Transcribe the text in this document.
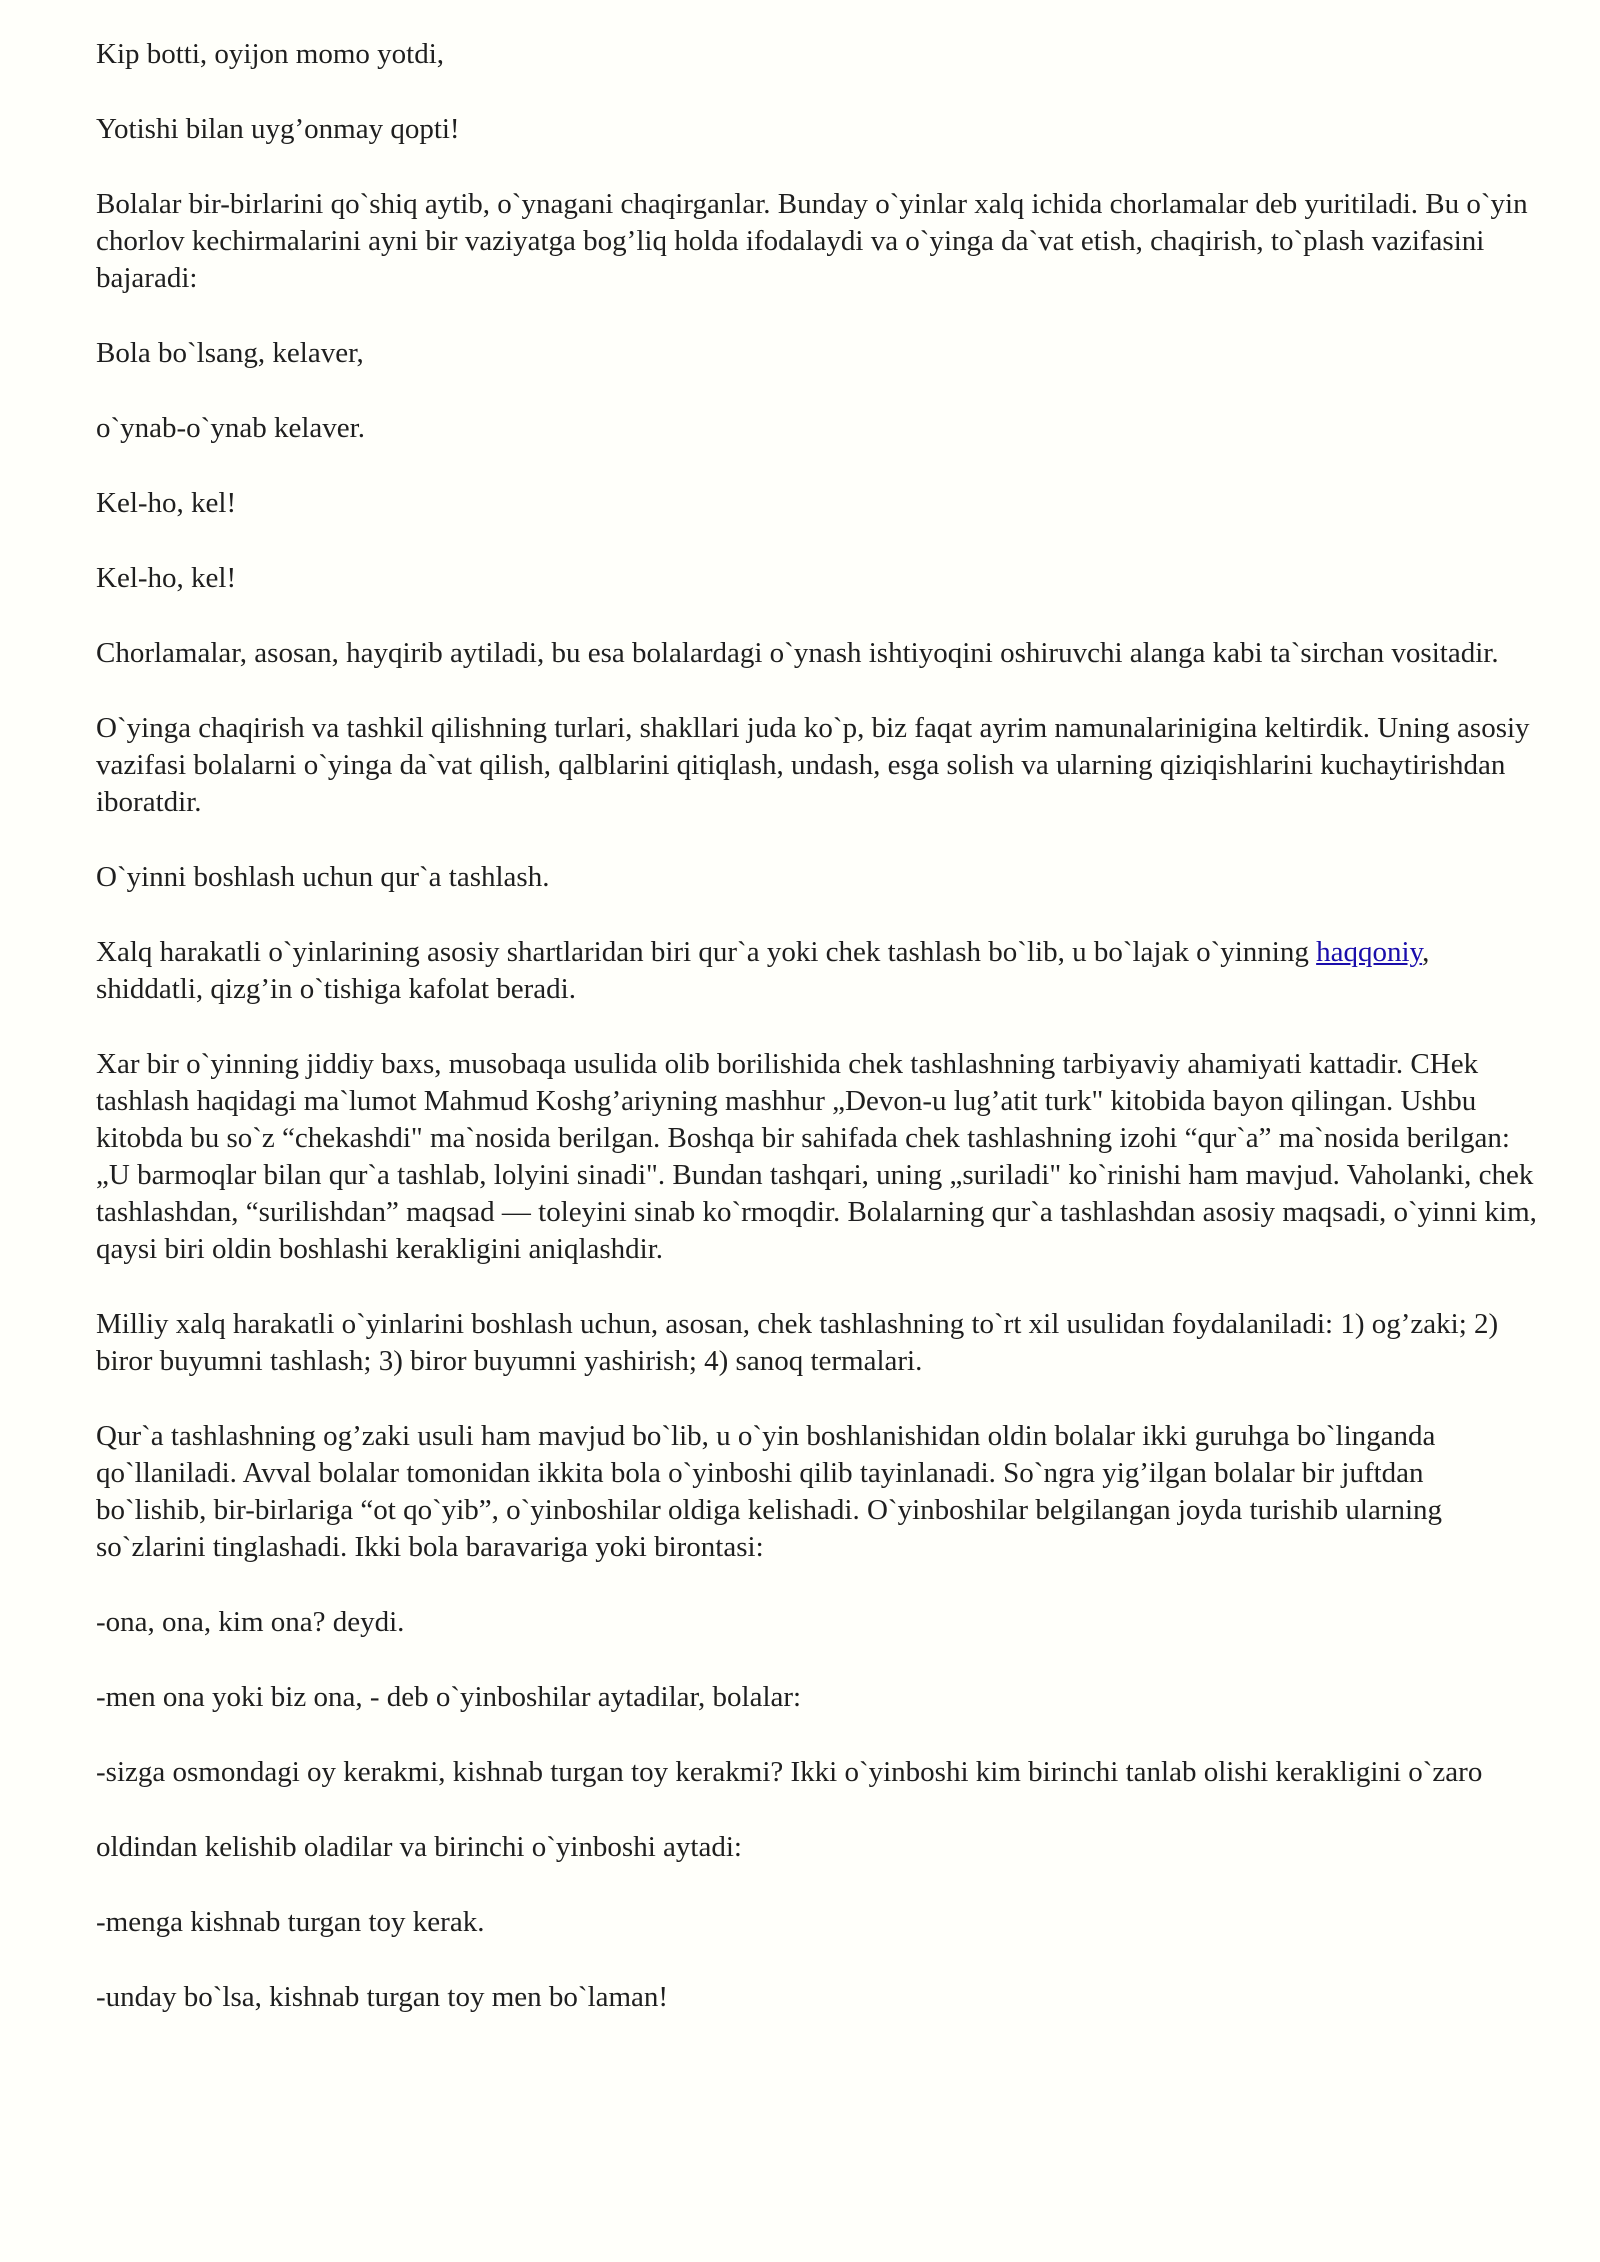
Kip botti, oyijon momo yotdi,

Yotishi bilan uyg’onmay qopti!

Bolalar bir-birlarini qo`shiq aytib, o`ynagani chaqirganlar. Bunday o`yinlar xalq ichida chorlamalar deb yuritiladi. Bu o`yin chorlov kechirmalarini ayni bir vaziyatga bog’liq holda ifodalaydi va o`yinga da`vat etish, chaqirish, to`plash vazifasini bajaradi:

Bola bo`lsang, kelaver,

o`ynab-o`ynab kelaver.

Kel-ho, kel!

Kel-ho, kel!

Chorlamalar, asosan, hayqirib aytiladi, bu esa bolalardagi o`ynash ishtiyoqini oshiruvchi alanga kabi ta`sirchan vositadir.

O`yinga chaqirish va tashkil qilishning turlari, shakllari juda ko`p, biz faqat ayrim namunalarinigina keltirdik. Uning asosiy vazifasi bolalarni o`yinga da`vat qilish, qalblarini qitiqlash, undash, esga solish va ularning qiziqishlarini kuchaytirishdan iboratdir.

O`yinni boshlash uchun qur`a tashlash.

Xalq harakatli o`yinlarining asosiy shartlaridan biri qur`a yoki chek tashlash bo`lib, u bo`lajak o`yinning haqqoniy, shiddatli, qizg’in o`tishiga kafolat beradi.

Xar bir o`yinning jiddiy baxs, musobaqa usulida olib borilishida chek tashlashning tarbiyaviy ahamiyati kattadir. CHek tashlash haqidagi ma`lumot Mahmud Koshg’ariyning mashhur „Devon-u lug’atit turk" kitobida bayon qilingan. Ushbu kitobda bu so`z “chekashdi" ma`nosida berilgan. Boshqa bir sahifada chek tashlashning izohi “qur`a” ma`nosida berilgan: „U barmoqlar bilan qur`a tashlab, lolyini sinadi". Bundan tashqari, uning „suriladi" ko`rinishi ham mavjud. Vaholanki, chek tashlashdan, “surilishdan” maqsad — toleyini sinab ko`rmoqdir. Bolalarning qur`a tashlashdan asosiy maqsadi, o`yinni kim, qaysi biri oldin boshlashi kerakligini aniqlashdir.

Milliy xalq harakatli o`yinlarini boshlash uchun, asosan, chek tashlashning to`rt xil usulidan foydalaniladi: 1) og’zaki; 2) biror buyumni tashlash; 3) biror buyumni yashirish; 4) sanoq termalari.

Qur`a tashlashning og’zaki usuli ham mavjud bo`lib, u o`yin boshlanishidan oldin bolalar ikki guruhga bo`linganda qo`llaniladi. Avval bolalar tomonidan ikkita bola o`yinboshi qilib tayinlanadi. So`ngra yig’ilgan bolalar bir juftdan bo`lishib, bir-birlariga “ot qo`yib”, o`yinboshilar oldiga kelishadi. O`yinboshilar belgilangan joyda turishib ularning so`zlarini tinglashadi. Ikki bola baravariga yoki birontasi:

-ona, ona, kim ona? deydi.

-men ona yoki biz ona, - deb o`yinboshilar aytadilar, bolalar:

-sizga osmondagi oy kerakmi, kishnab turgan toy kerakmi? Ikki o`yinboshi kim birinchi tanlab olishi kerakligini o`zaro

oldindan kelishib oladilar va birinchi o`yinboshi aytadi:

-menga kishnab turgan toy kerak.

-unday bo`lsa, kishnab turgan toy men bo`laman!
